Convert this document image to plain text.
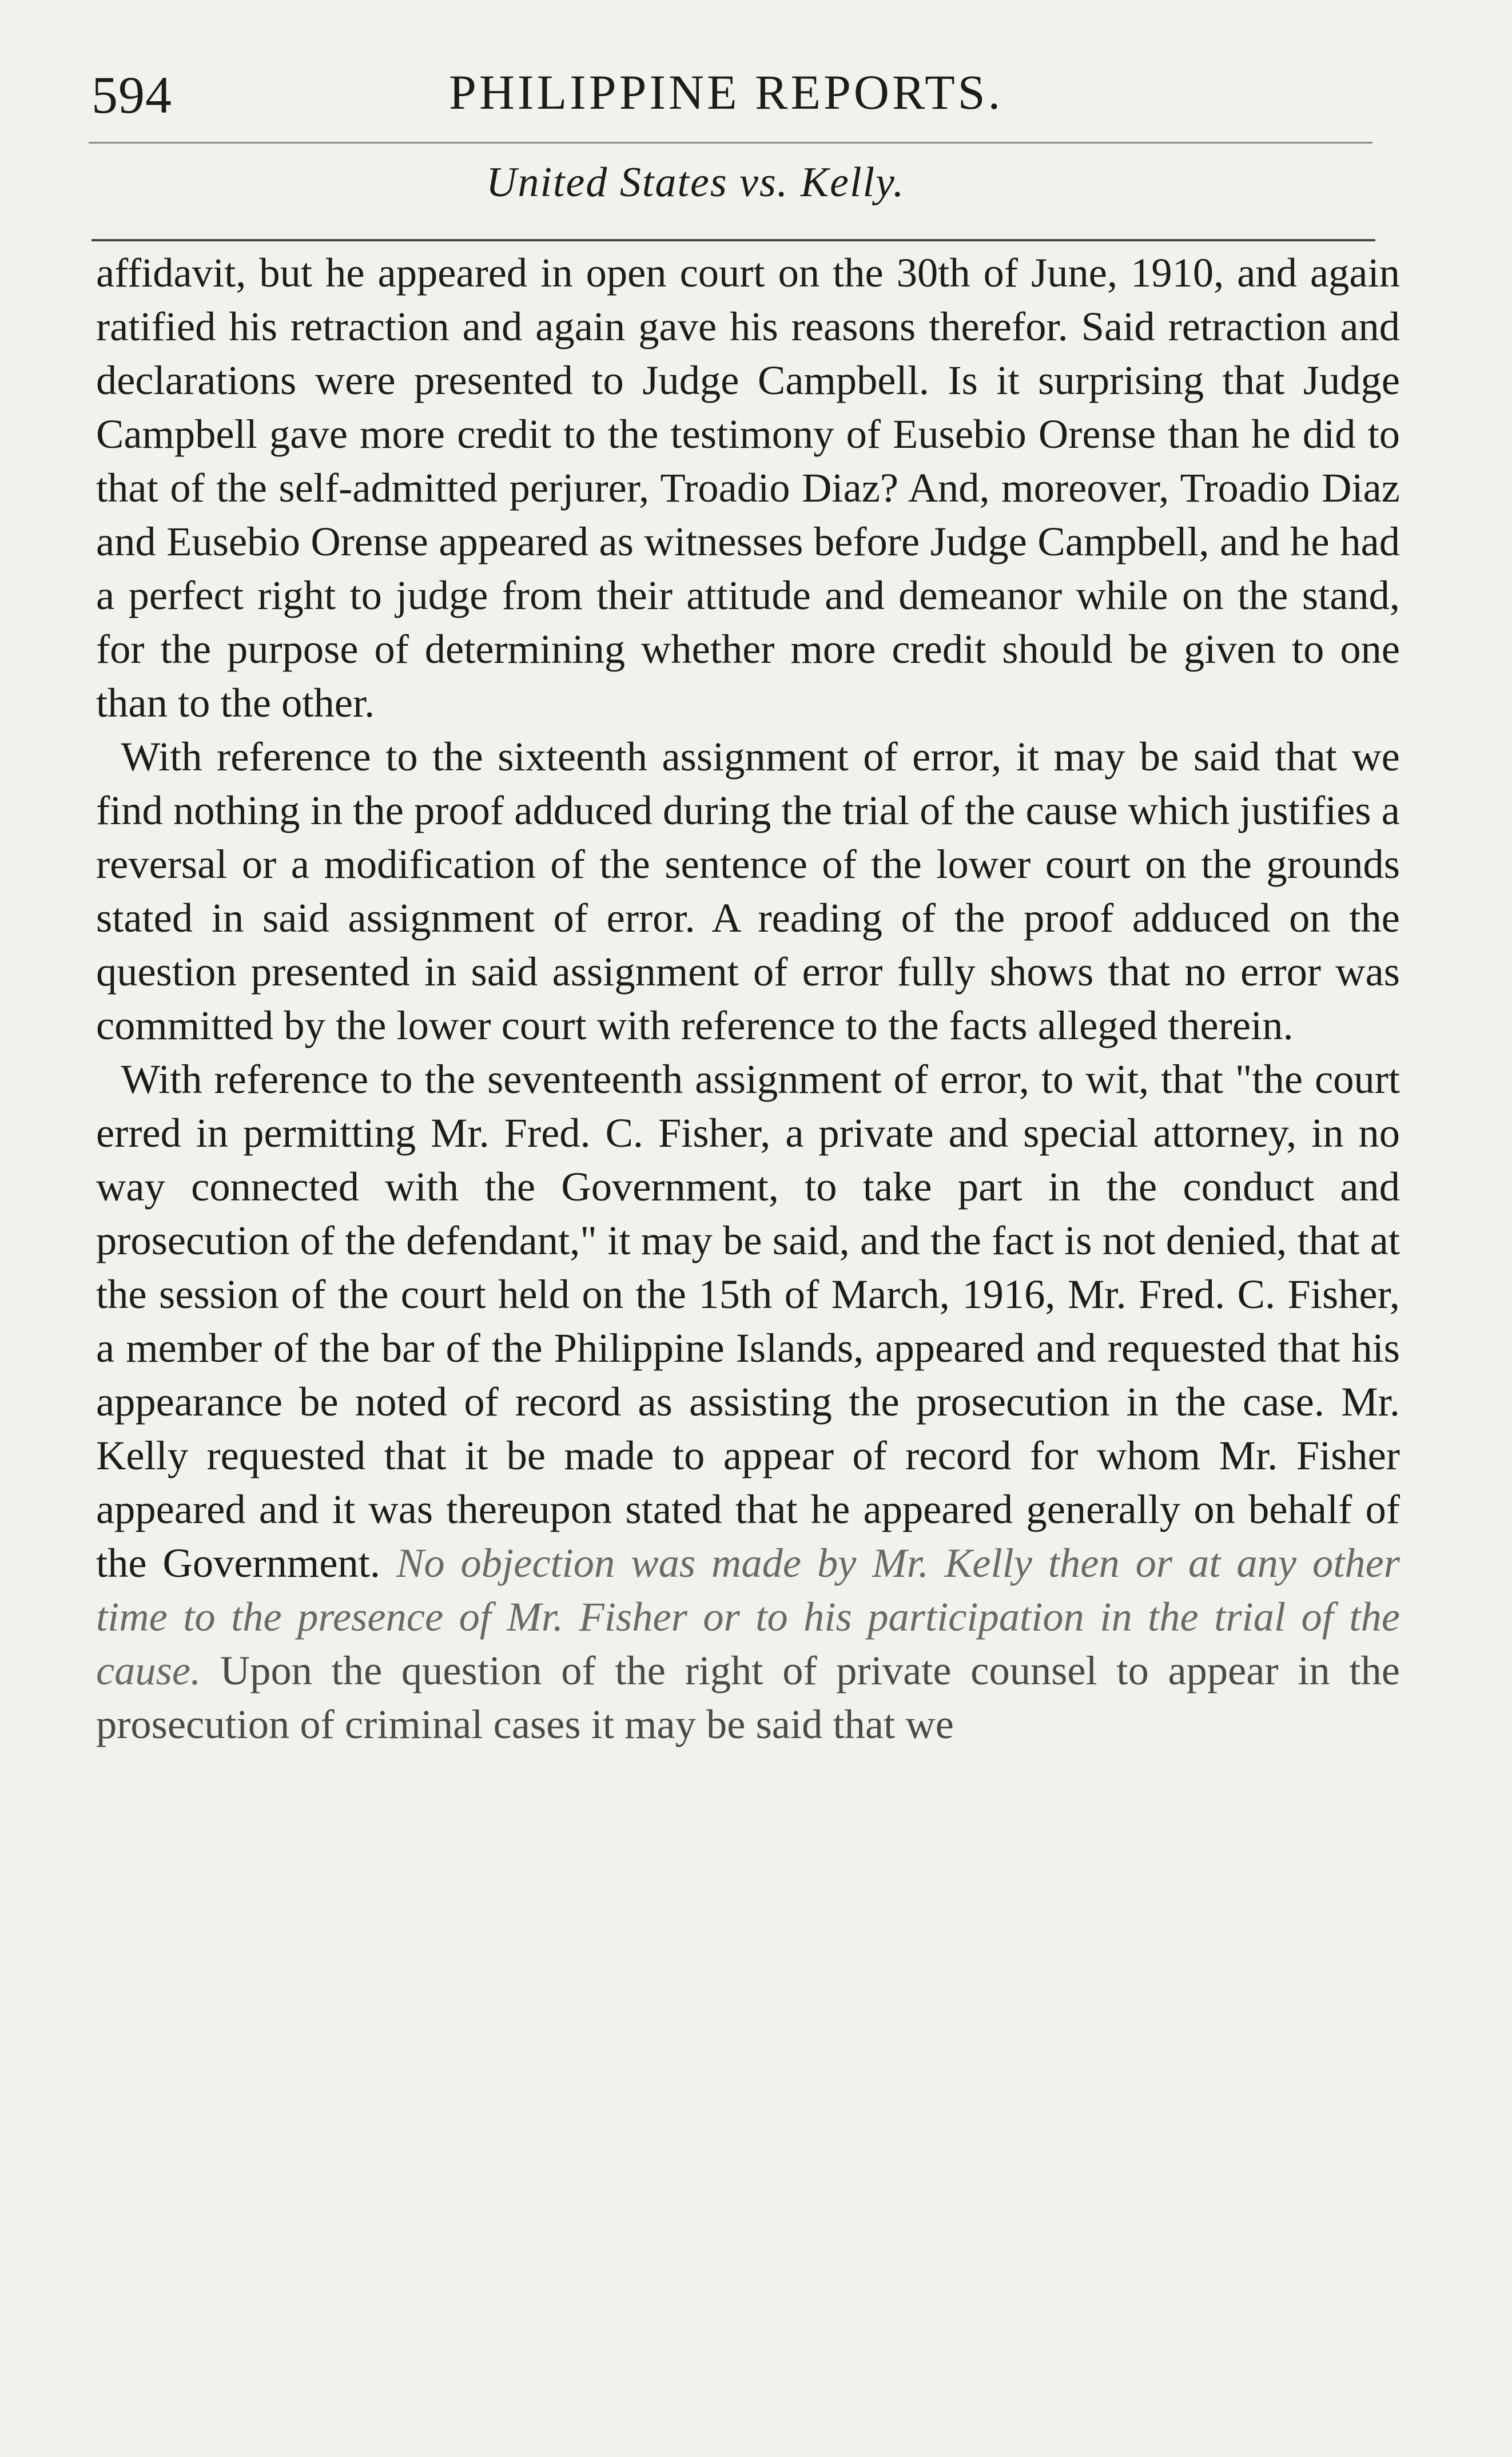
594	PHILIPPINE REPORTS.
United States vs. Kelly.

affidavit, but he appeared in open court on the 30th of June, 1910, and again ratified his retraction and again gave his reasons therefor. Said retraction and declarations were presented to Judge Campbell. Is it surprising that Judge Campbell gave more credit to the testimony of Eusebio Orense than he did to that of the self-admitted perjurer, Troadio Diaz? And, moreover, Troadio Diaz and Eusebio Orense appeared as witnesses before Judge Campbell, and he had a perfect right to judge from their attitude and demeanor while on the stand, for the purpose of determining whether more credit should be given to one than to the other.

With reference to the sixteenth assignment of error, it may be said that we find nothing in the proof adduced during the trial of the cause which justifies a reversal or a modification of the sentence of the lower court on the grounds stated in said assignment of error. A reading of the proof adduced on the question presented in said assignment of error fully shows that no error was committed by the lower court with reference to the facts alleged therein.

With reference to the seventeenth assignment of error, to wit, that "the court erred in permitting Mr. Fred. C. Fisher, a private and special attorney, in no way connected with the Government, to take part in the conduct and prosecution of the defendant," it may be said, and the fact is not denied, that at the session of the court held on the 15th of March, 1916, Mr. Fred. C. Fisher, a member of the bar of the Philippine Islands, appeared and requested that his appearance be noted of record as assisting the prosecution in the case. Mr. Kelly requested that it be made to appear of record for whom Mr. Fisher appeared and it was thereupon stated that he appeared generally on behalf of the Government. No objection was made by Mr. Kelly then or at any other time to the presence of Mr. Fisher or to his participation in the trial of the cause. Upon the question of the right of private counsel to appear in the prosecution of criminal cases it may be said that we
